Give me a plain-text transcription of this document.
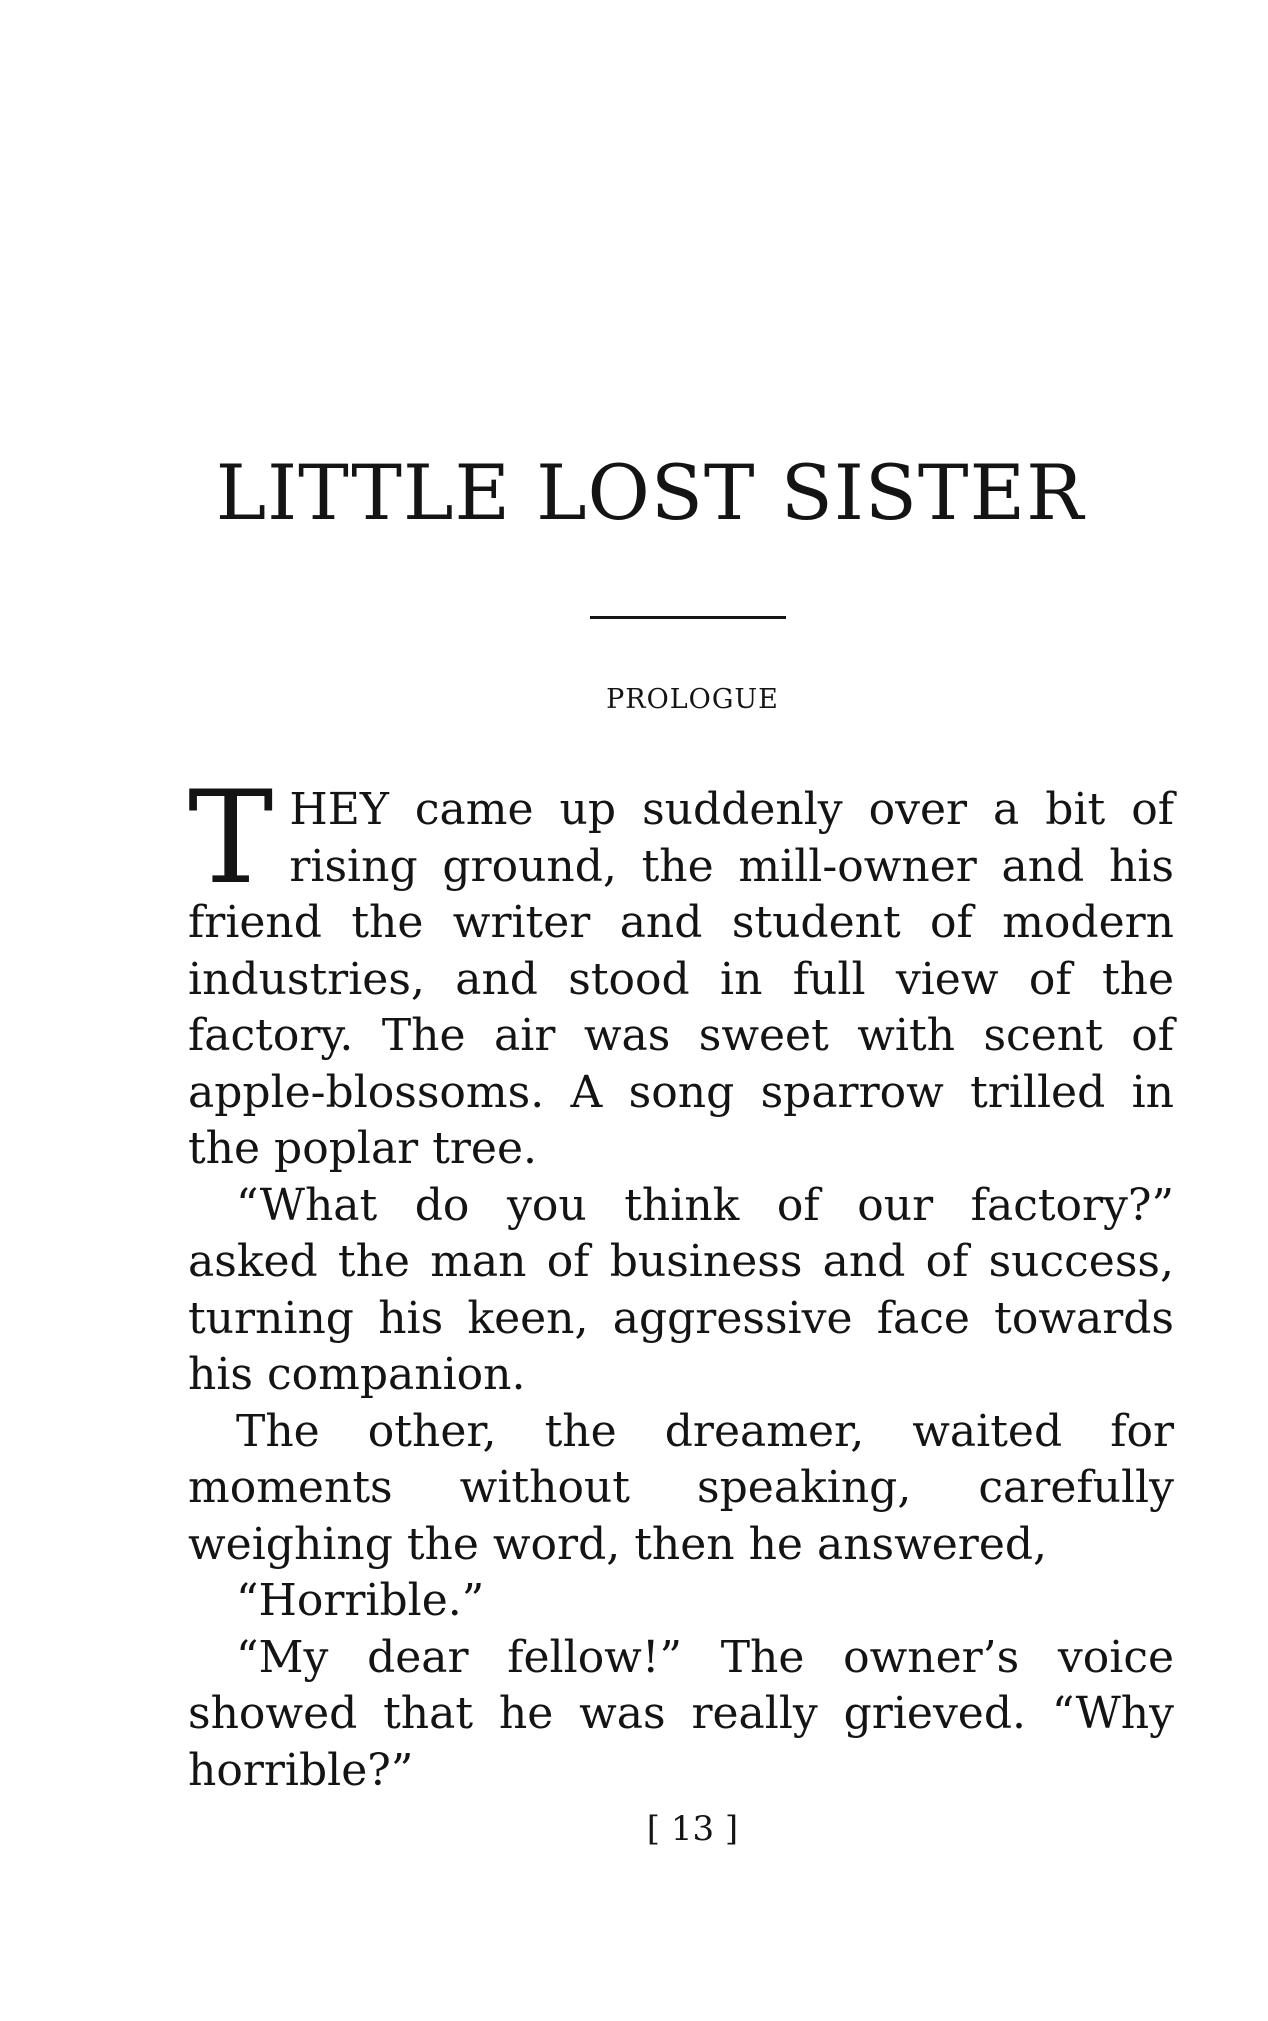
LITTLE LOST SISTER
PROLOGUE

THEY came up suddenly over a bit of rising ground, the mill-owner and his friend the writer and student of modern industries, and stood in full view of the factory. The air was sweet with scent of apple-blossoms. A song sparrow trilled in the poplar tree.

“What do you think of our factory?” asked the man of business and of success, turning his keen, aggressive face towards his companion.

The other, the dreamer, waited for moments without speaking, carefully weighing the word, then he answered,

“Horrible.”

“My dear fellow!” The owner’s voice showed that he was really grieved. “Why horrible?”

[ 13 ]
